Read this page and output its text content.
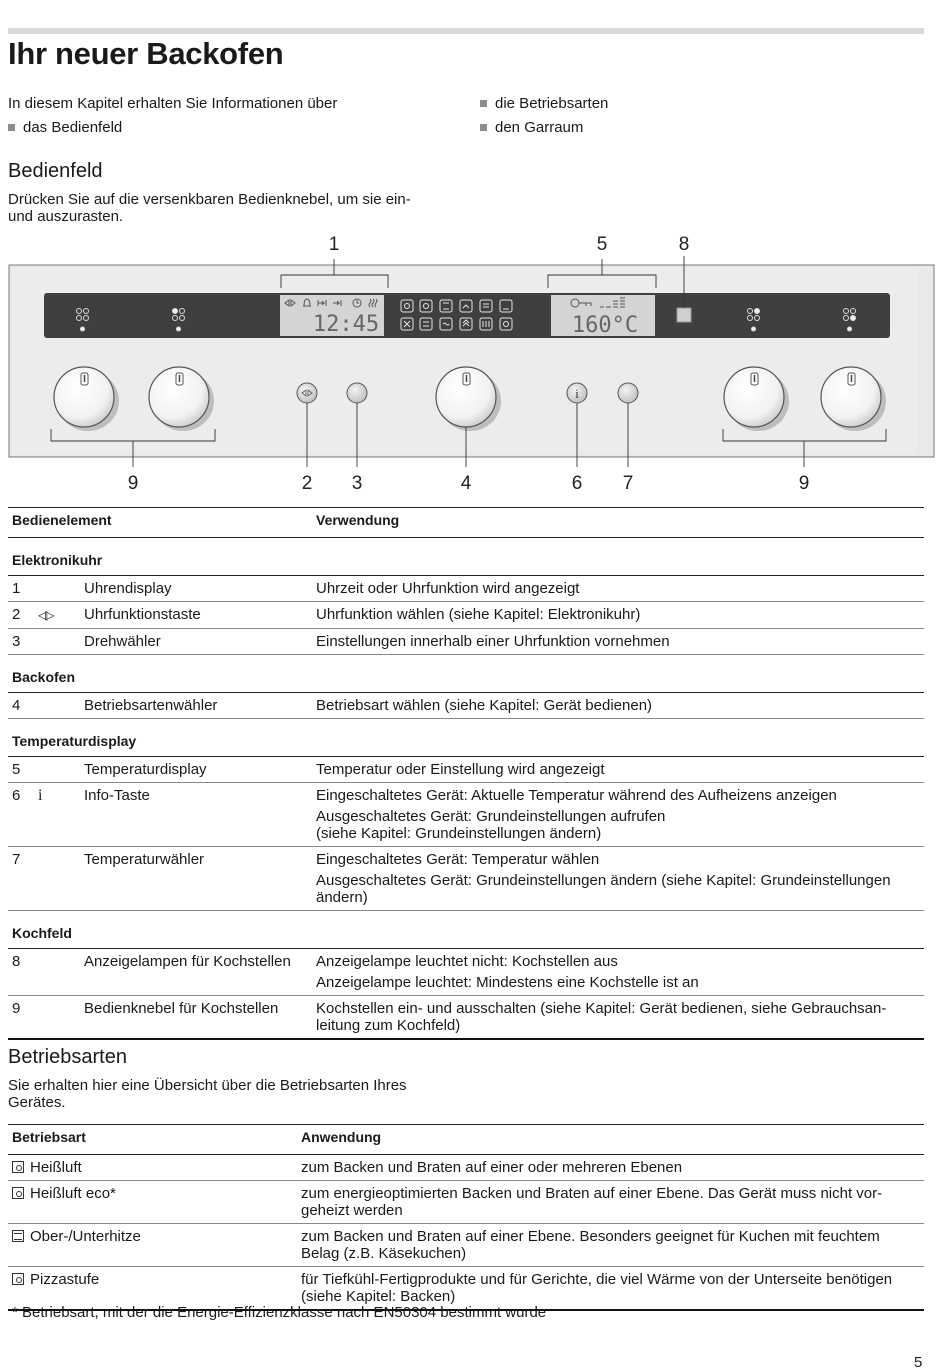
Ihr neuer Backofen
In diesem Kapitel erhalten Sie Informationen über
das Bedienfeld
die Betriebsarten
den Garraum
Bedienfeld
Drücken Sie auf die versenkbaren Bedienknebel, um sie ein-
und auszurasten.
12:45	160°C
i
1	5	8
9	2 3	4	6 7	9
Bedienelement			Verwendung
Elektronikuhr			
1		Uhrendisplay	Uhrzeit oder Uhrfunktion wird angezeigt
2	◁▷	Uhrfunktionstaste	Uhrfunktion wählen (siehe Kapitel: Elektronikuhr)
3		Drehwähler	Einstellungen innerhalb einer Uhrfunktion vornehmen
Backofen			
4		Betriebsartenwähler	Betriebsart wählen (siehe Kapitel: Gerät bedienen)
Temperaturdisplay			
5		Temperaturdisplay	Temperatur oder Einstellung wird angezeigt
6	i	Info-Taste	Eingeschaltetes Gerät: Aktuelle Temperatur während des Aufheizens anzeigen
			Ausgeschaltetes Gerät: Grundeinstellungen aufrufen
(siehe Kapitel: Grundeinstellungen ändern)
7		Temperaturwähler	Eingeschaltetes Gerät: Temperatur wählen
			Ausgeschaltetes Gerät: Grundeinstellungen ändern (siehe Kapitel: Grundeinstellungen
ändern)
Kochfeld			
8		Anzeigelampen für Kochstellen	Anzeigelampe leuchtet nicht: Kochstellen aus
			Anzeigelampe leuchtet: Mindestens eine Kochstelle ist an
9		Bedienknebel für Kochstellen	Kochstellen ein- und ausschalten (siehe Kapitel: Gerät bedienen, siehe Gebrauchsan-
leitung zum Kochfeld)
Betriebsarten
Sie erhalten hier eine Übersicht über die Betriebsarten Ihres
Gerätes.
Betriebsart	Anwendung
Heißluft	zum Backen und Braten auf einer oder mehreren Ebenen
Heißluft eco*	zum energieoptimierten Backen und Braten auf einer Ebene. Das Gerät muss nicht vor-
geheizt werden
Ober-/Unterhitze	zum Backen und Braten auf einer Ebene. Besonders geeignet für Kuchen mit feuchtem
Belag (z.B. Käsekuchen)
Pizzastufe	für Tiefkühl-Fertigprodukte und für Gerichte, die viel Wärme von der Unterseite benötigen
(siehe Kapitel: Backen)
* Betriebsart, mit der die Energie-Effizienzklasse nach EN50304 bestimmt wurde
5
